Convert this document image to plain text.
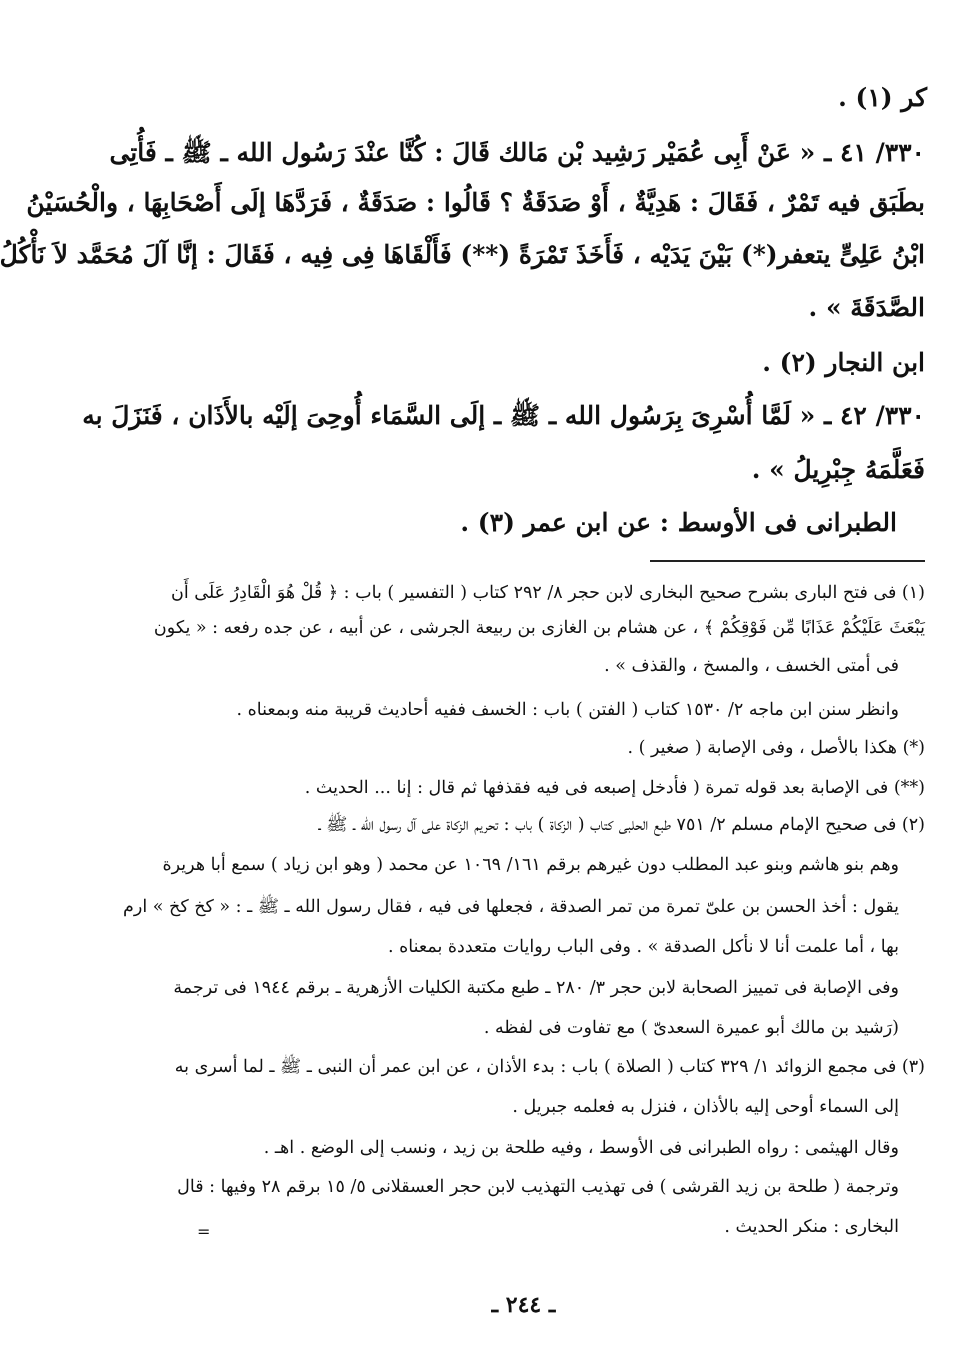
كر (١) .
٣٣٠/ ٤١ ـ « عَنْ أَبِى عُمَيْر رَشِيد بْن مَالك قَالَ : كُنَّا عنْدَ رَسُول الله ـ ﷺ ـ فَأُتِى
بطَبَق فيه تَمْرٌ ، فَقَالَ : هَدِيَّةٌ ، أَوْ صَدَقَةٌ ؟ قَالُوا : صَدَقَةٌ ، فَرَدَّهَا إلَى أَصْحَابِهَا ، والْحُسَيْنُ
ابْنُ عَلِىٍّ يتعفر(*) بَيْنَ يَدَيْه ، فَأَخَذَ تَمْرَةً (**) فَأَلْقَاهَا فِى فِيه ، فَقَالَ : إنَّا آلَ مُحَمَّد لاَ نَأْكُلُ
الصَّدَقَةَ » .
ابن النجار (٢) .
٣٣٠/ ٤٢ ـ « لَمَّا أُسْرِىَ بِرَسُول الله ـ ﷺ ـ إلَى السَّمَاء أُوحِىَ إلَيْه بالأَذَان ، فَنَزَلَ به
فَعَلَّمَهُ جِبْرِيلُ » .
الطبرانى فى الأوسط : عن ابن عمر (٣) .
(١) فى فتح البارى بشرح صحيح البخارى لابن حجر ٨/ ٢٩٢ كتاب ( التفسير ) باب : ﴿ قُلْ هُوَ الْقَادِرُ عَلَى أَن
يَبْعَثَ عَلَيْكُمْ عَذَابًا مِّن فَوْقِكُمْ ﴾ ، عن هشام بن الغازى بن ربيعة الجرشى ، عن أبيه ، عن جده رفعه : « يكون
فى أمتى الخسف ، والمسخ ، والقذف » .
وانظر سنن ابن ماجه ٢/ ١٥٣٠ كتاب ( الفتن ) باب : الخسف ففيه أحاديث قريبة منه وبمعناه .
(*) هكذا بالأصل ، وفى الإصابة ( صغير ) .
(**) فى الإصابة بعد قوله تمرة ( فأدخل إصبعه فى فيه فقذفها ثم قال : إنا ... الحديث .
(٢) فى صحيح الإمام مسلم ٢/ ٧٥١ طبع الحلبى كتاب ( الزكاة ) باب : تحريم الزكاة على آل رسول الله ـ ﷺ ـ
وهم بنو هاشم وبنو عبد المطلب دون غيرهم برقم ١٦١/ ١٠٦٩ عن محمد ( وهو ابن زياد ) سمع أبا هريرة
يقول : أخذ الحسن بن علىّ تمرة من تمر الصدقة ، فجعلها فى فيه ، فقال رسول الله ـ ﷺ ـ : « كخ كخ » ارم
بها ، أما علمت أنا لا نأكل الصدقة » . وفى الباب روايات متعددة بمعناه .
وفى الإصابة فى تمييز الصحابة لابن حجر ٣/ ٢٨٠ ـ طبع مكتبة الكليات الأزهرية ـ برقم ١٩٤٤ فى ترجمة
(رَشيد بن مالك أبو عميرة السعدىّ ) مع تفاوت فى لفظه .
(٣) فى مجمع الزوائد ١/ ٣٢٩ كتاب ( الصلاة ) باب : بدء الأذان ، عن ابن عمر أن النبى ـ ﷺ ـ لما أسرى به
إلى السماء أوحى إليه بالأذان ، فنزل به فعلمه جبريل .
وقال الهيثمى : رواه الطبرانى فى الأوسط ، وفيه طلحة بن زيد ، ونسب إلى الوضع . اهـ .
وترجمة ( طلحة بن زيد القرشى ) فى تهذيب التهذيب لابن حجر العسقلانى ٥/ ١٥ برقم ٢٨ وفيها : قال
البخارى : منكر الحديث .
=
ـ ٢٤٤ ـ
